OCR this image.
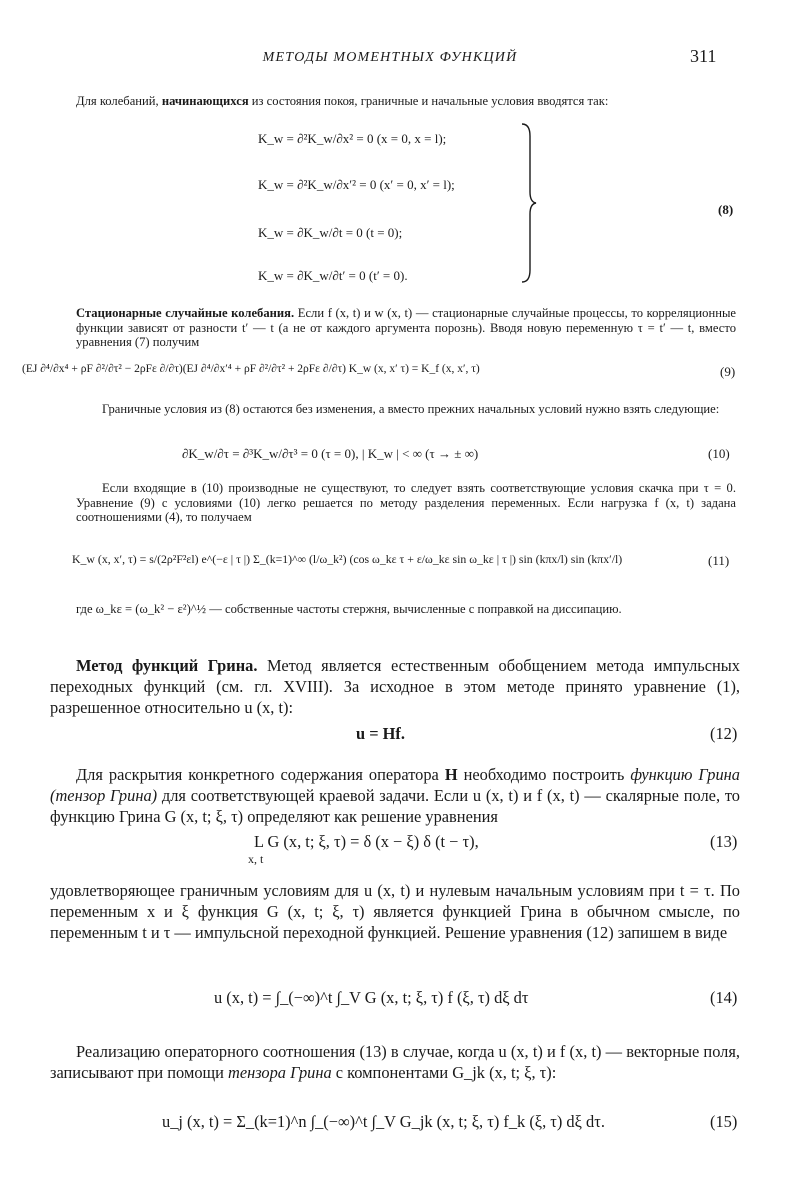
МЕТОДЫ МОМЕНТНЫХ ФУНКЦИЙ	311
Для колебаний, начинающихся из состояния покоя, граничные и начальные условия вводятся так:
K_w = ∂²K_w/∂x² = 0 (x = 0, x = l);
K_w = ∂²K_w/∂x′² = 0 (x′ = 0, x′ = l);
K_w = ∂K_w/∂t = 0 (t = 0);
K_w = ∂K_w/∂t′ = 0 (t′ = 0).
(8)
Стационарные случайные колебания. Если f (x, t) и w (x, t) — стационарные случайные процессы, то корреляционные функции зависят от разности t′ — t (а не от каждого аргумента порознь). Вводя новую переменную τ = t′ — t, вместо уравнения (7) получим
(EJ ∂⁴/∂x⁴ + ρF ∂²/∂τ² − 2ρFε ∂/∂τ)(EJ ∂⁴/∂x′⁴ + ρF ∂²/∂τ² + 2ρFε ∂/∂τ) K_w (x, x′ τ) = K_f (x, x′, τ)	(9)
Граничные условия из (8) остаются без изменения, а вместо прежних начальных условий нужно взять следующие:
∂K_w/∂τ = ∂³K_w/∂τ³ = 0 (τ = 0), | K_w | < ∞ (τ → ± ∞)	(10)
Если входящие в (10) производные не существуют, то следует взять соответствующие условия скачка при τ = 0. Уравнение (9) с условиями (10) легко решается по методу разделения переменных. Если нагрузка f (x, t) задана соотношениями (4), то получаем
K_w (x, x′, τ) = s/(2ρ²F²εl) e^(−ε | τ |) Σ_(k=1)^∞ (l/ω_k²) (cos ω_kε τ + ε/ω_kε sin ω_kε | τ |) sin (kπx/l) sin (kπx′/l)	(11)
где ω_kε = (ω_k² − ε²)^½ — собственные частоты стержня, вычисленные с поправкой на диссипацию.
Метод функций Грина. Метод является естественным обобщением метода импульсных переходных функций (см. гл. XVIII). За исходное в этом методе принято уравнение (1), разрешенное относительно u (x, t):
u = Hf.	(12)
Для раскрытия конкретного содержания оператора H необходимо построить функцию Грина (тензор Грина) для соответствующей краевой задачи. Если u (x, t) и f (x, t) — скалярные поле, то функцию Грина G (x, t; ξ, τ) определяют как решение уравнения
L G (x, t; ξ, τ) = δ (x − ξ) δ (t − τ),
x, t
(13)
удовлетворяющее граничным условиям для u (x, t) и нулевым начальным условиям при t = τ. По переменным x и ξ функция G (x, t; ξ, τ) является функцией Грина в обычном смысле, по переменным t и τ — импульсной переходной функцией. Решение уравнения (12) запишем в виде
u (x, t) = ∫_(−∞)^t ∫_V G (x, t; ξ, τ) f (ξ, τ) dξ dτ	(14)
Реализацию операторного соотношения (13) в случае, когда u (x, t) и f (x, t) — векторные поля, записывают при помощи тензора Грина с компонентами G_jk (x, t; ξ, τ):
u_j (x, t) = Σ_(k=1)^n ∫_(−∞)^t ∫_V G_jk (x, t; ξ, τ) f_k (ξ, τ) dξ dτ.	(15)
